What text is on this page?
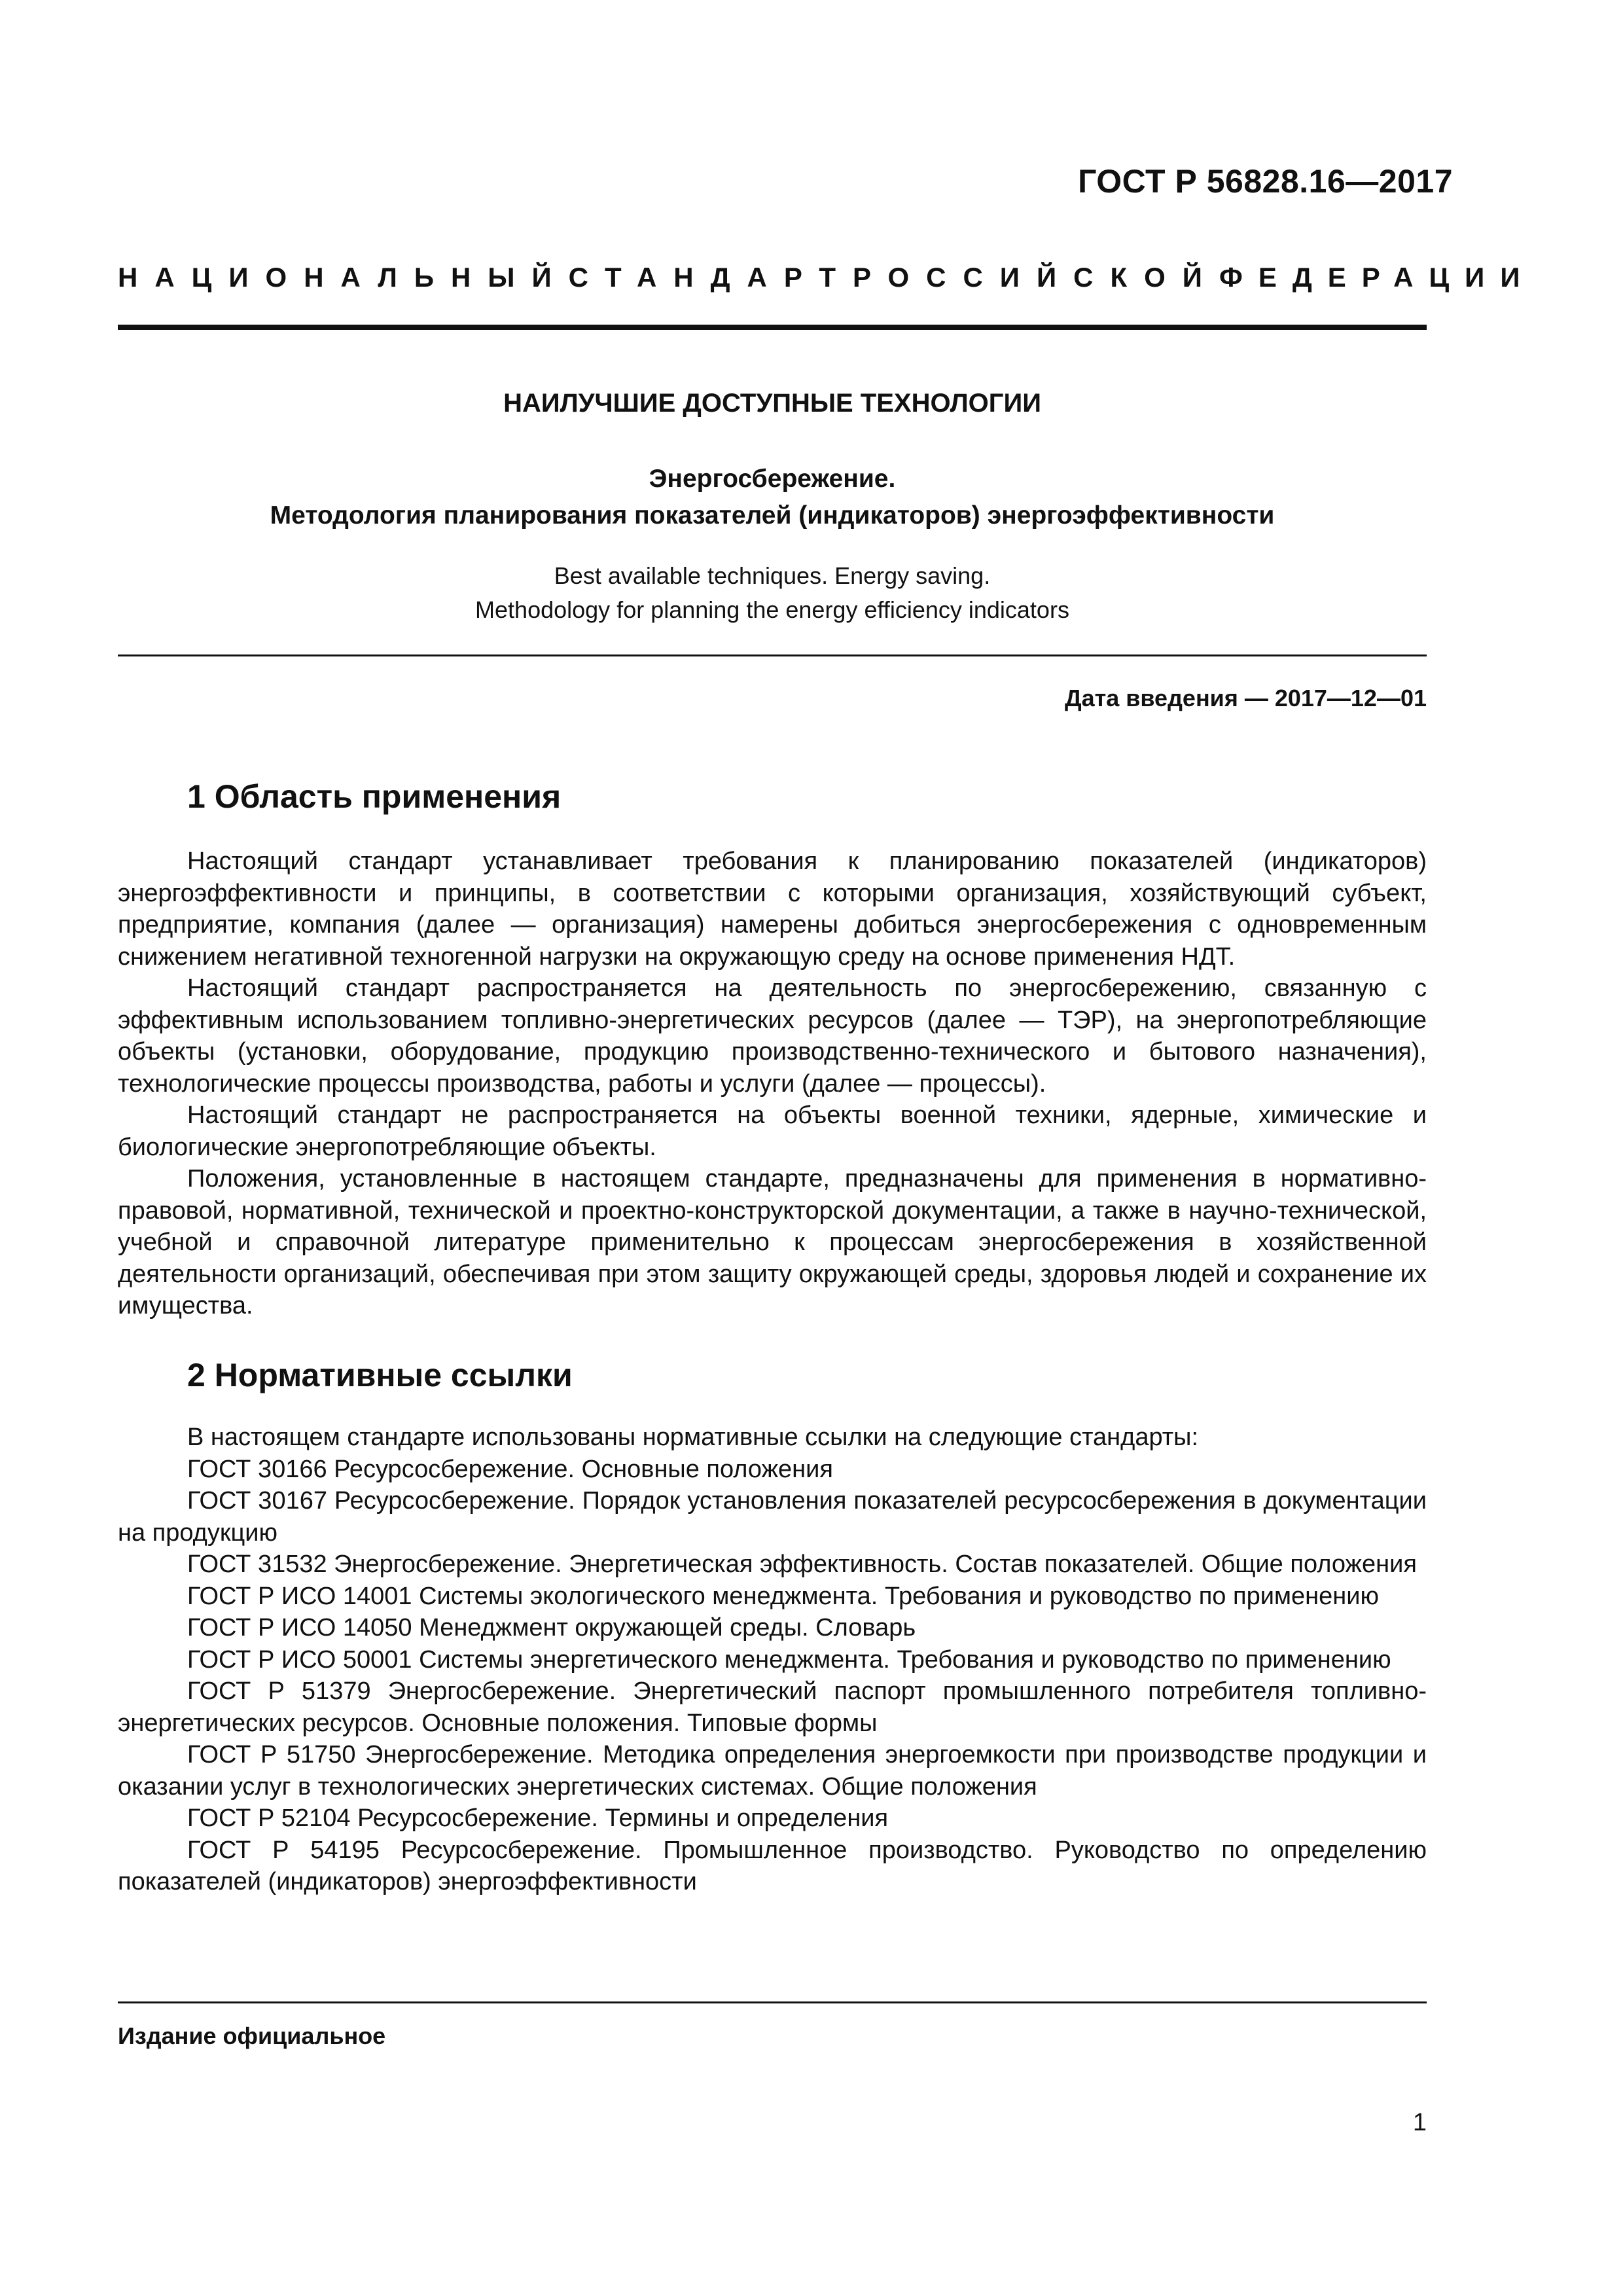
ГОСТ Р 56828.16—2017
НАЦИОНАЛЬНЫЙ СТАНДАРТ РОССИЙСКОЙ ФЕДЕРАЦИИ
НАИЛУЧШИЕ ДОСТУПНЫЕ ТЕХНОЛОГИИ
Энергосбережение.
Методология планирования показателей (индикаторов) энергоэффективности
Best available techniques. Energy saving.
Methodology for planning the energy efficiency indicators
Дата введения — 2017—12—01
1 Область применения

Настоящий стандарт устанавливает требования к планированию показателей (индикаторов) энергоэффективности и принципы, в соответствии с которыми организация, хозяйствующий субъект, предприятие, компания (далее — организация) намерены добиться энергосбережения с одновременным снижением негативной техногенной нагрузки на окружающую среду на основе применения НДТ.

Настоящий стандарт распространяется на деятельность по энергосбережению, связанную с эффективным использованием топливно-энергетических ресурсов (далее — ТЭР), на энергопотребляющие объекты (установки, оборудование, продукцию производственно-технического и бытового назначения), технологические процессы производства, работы и услуги (далее — процессы).

Настоящий стандарт не распространяется на объекты военной техники, ядерные, химические и биологические энергопотребляющие объекты.

Положения, установленные в настоящем стандарте, предназначены для применения в нормативно-правовой, нормативной, технической и проектно-конструкторской документации, а также в научно-технической, учебной и справочной литературе применительно к процессам энергосбережения в хозяйственной деятельности организаций, обеспечивая при этом защиту окружающей среды, здоровья людей и сохранение их имущества.

2 Нормативные ссылки

В настоящем стандарте использованы нормативные ссылки на следующие стандарты:

ГОСТ 30166 Ресурсосбережение. Основные положения

ГОСТ 30167 Ресурсосбережение. Порядок установления показателей ресурсосбережения в документации на продукцию

ГОСТ 31532 Энергосбережение. Энергетическая эффективность. Состав показателей. Общие положения

ГОСТ Р ИСО 14001 Системы экологического менеджмента. Требования и руководство по применению

ГОСТ Р ИСО 14050 Менеджмент окружающей среды. Словарь

ГОСТ Р ИСО 50001 Системы энергетического менеджмента. Требования и руководство по применению

ГОСТ Р 51379 Энергосбережение. Энергетический паспорт промышленного потребителя топливно-энергетических ресурсов. Основные положения. Типовые формы

ГОСТ Р 51750 Энергосбережение. Методика определения энергоемкости при производстве продукции и оказании услуг в технологических энергетических системах. Общие положения

ГОСТ Р 52104 Ресурсосбережение. Термины и определения

ГОСТ Р 54195 Ресурсосбережение. Промышленное производство. Руководство по определению показателей (индикаторов) энергоэффективности

Издание официальное
1
